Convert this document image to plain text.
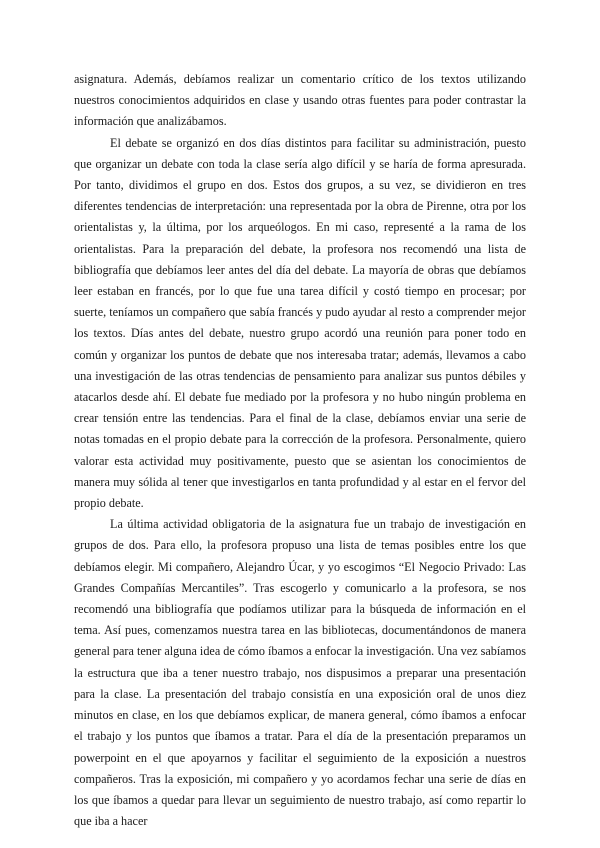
asignatura. Además, debíamos realizar un comentario crítico de los textos utilizando nuestros conocimientos adquiridos en clase y usando otras fuentes para poder contrastar la información que analizábamos.

El debate se organizó en dos días distintos para facilitar su administración, puesto que organizar un debate con toda la clase sería algo difícil y se haría de forma apresurada. Por tanto, dividimos el grupo en dos. Estos dos grupos, a su vez, se dividieron en tres diferentes tendencias de interpretación: una representada por la obra de Pirenne, otra por los orientalistas y, la última, por los arqueólogos. En mi caso, representé a la rama de los orientalistas. Para la preparación del debate, la profesora nos recomendó una lista de bibliografía que debíamos leer antes del día del debate. La mayoría de obras que debíamos leer estaban en francés, por lo que fue una tarea difícil y costó tiempo en procesar; por suerte, teníamos un compañero que sabía francés y pudo ayudar al resto a comprender mejor los textos. Días antes del debate, nuestro grupo acordó una reunión para poner todo en común y organizar los puntos de debate que nos interesaba tratar; además, llevamos a cabo una investigación de las otras tendencias de pensamiento para analizar sus puntos débiles y atacarlos desde ahí. El debate fue mediado por la profesora y no hubo ningún problema en crear tensión entre las tendencias. Para el final de la clase, debíamos enviar una serie de notas tomadas en el propio debate para la corrección de la profesora. Personalmente, quiero valorar esta actividad muy positivamente, puesto que se asientan los conocimientos de manera muy sólida al tener que investigarlos en tanta profundidad y al estar en el fervor del propio debate.

La última actividad obligatoria de la asignatura fue un trabajo de investigación en grupos de dos. Para ello, la profesora propuso una lista de temas posibles entre los que debíamos elegir. Mi compañero, Alejandro Úcar, y yo escogimos “El Negocio Privado: Las Grandes Compañías Mercantiles”. Tras escogerlo y comunicarlo a la profesora, se nos recomendó una bibliografía que podíamos utilizar para la búsqueda de información en el tema. Así pues, comenzamos nuestra tarea en las bibliotecas, documentándonos de manera general para tener alguna idea de cómo íbamos a enfocar la investigación. Una vez sabíamos la estructura que iba a tener nuestro trabajo, nos dispusimos a preparar una presentación para la clase. La presentación del trabajo consistía en una exposición oral de unos diez minutos en clase, en los que debíamos explicar, de manera general, cómo íbamos a enfocar el trabajo y los puntos que íbamos a tratar. Para el día de la presentación preparamos un powerpoint en el que apoyarnos y facilitar el seguimiento de la exposición a nuestros compañeros. Tras la exposición, mi compañero y yo acordamos fechar una serie de días en los que íbamos a quedar para llevar un seguimiento de nuestro trabajo, así como repartir lo que iba a hacer
